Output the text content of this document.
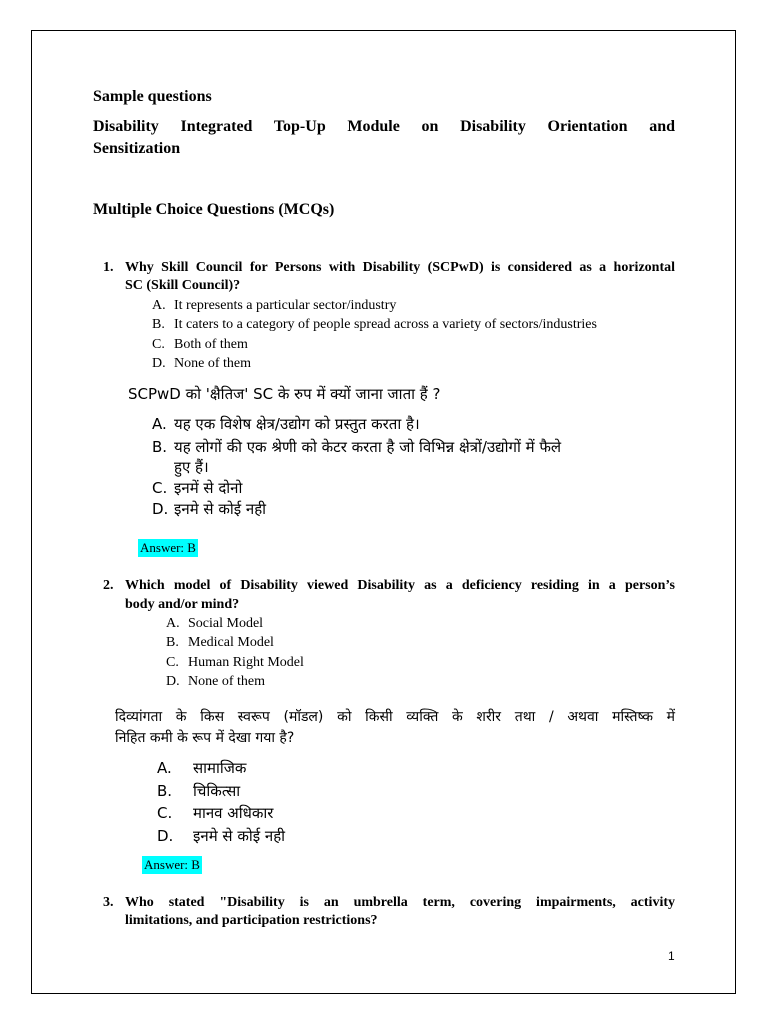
Sample questions
Disability Integrated Top-Up Module on Disability Orientation and
Sensitization
Multiple Choice Questions (MCQs)
1. Why Skill Council for Persons with Disability (SCPwD) is considered as a horizontal
SC (Skill Council)?
A. It represents a particular sector/industry
B. It caters to a category of people spread across a variety of sectors/industries
C. Both of them
D. None of them
SCPwD को 'क्षैतिज' SC के रुप में क्यों जाना जाता हैं ?
A. यह एक विशेष क्षेत्र/उद्योग को प्रस्तुत करता है।
B. यह लोगों की एक श्रेणी को केटर करता है जो विभिन्न क्षेत्रों/उद्योगों में फैले
हुए हैं।
C. इनमें से दोनो
D. इनमे से कोई नही
Answer: B
2. Which model of Disability viewed Disability as a deficiency residing in a person’s
body and/or mind?
A. Social Model
B. Medical Model
C. Human Right Model
D. None of them
दिव्यांगता के किस स्वरूप (मॉडल) को किसी व्यक्ति के शरीर तथा / अथवा मस्तिष्क में
निहित कमी के रूप में देखा गया है?
A. सामाजिक
B. चिकित्सा
C. मानव अधिकार
D. इनमे से कोई नही
Answer: B
3. Who stated "Disability is an umbrella term, covering impairments, activity
limitations, and participation restrictions?
1
